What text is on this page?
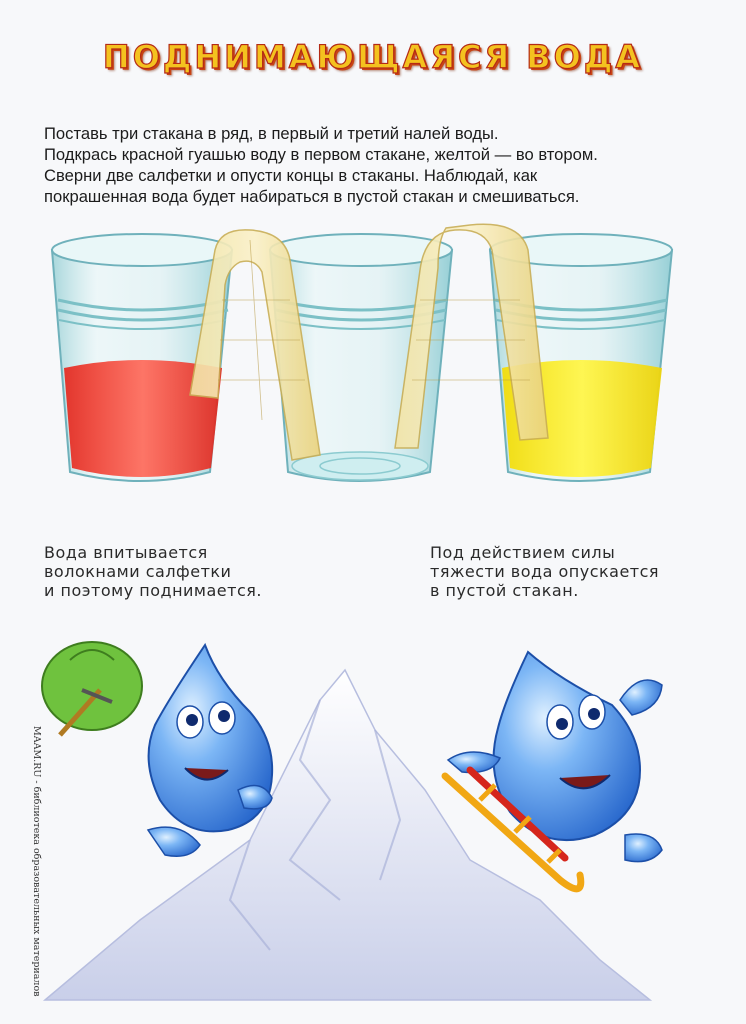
ПОДНИМАЮЩАЯСЯ ВОДА
Поставь три стакана в ряд, в первый и третий налей воды.
Подкрась красной гуашью воду в первом стакане, желтой — во втором.
Сверни две салфетки и опусти концы в стаканы. Наблюдай, как
покрашенная вода будет набираться в пустой стакан и смешиваться.
Вода впитывается
волокнами салфетки
и поэтому поднимается.
Под действием силы
тяжести вода опускается
в пустой стакан.
MAAM.RU - библиотека образовательных материалов
